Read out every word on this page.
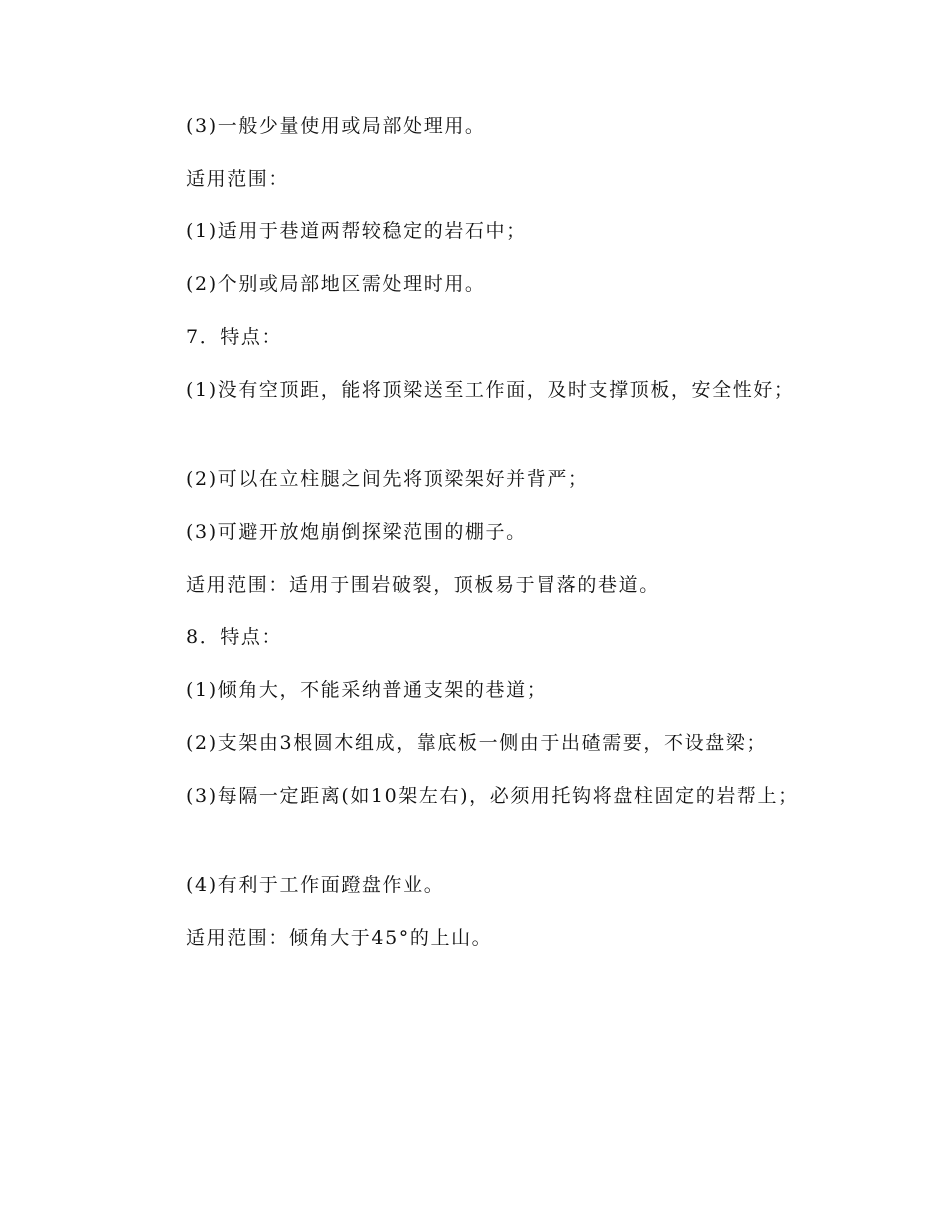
(3)一般少量使用或局部处理用。

适用范围：

(1)适用于巷道两帮较稳定的岩石中；

(2)个别或局部地区需处理时用。

7．特点：

(1)没有空顶距，能将顶梁送至工作面，及时支撑顶板，安全性好；

(2)可以在立柱腿之间先将顶梁架好并背严；

(3)可避开放炮崩倒探梁范围的棚子。

适用范围：适用于围岩破裂，顶板易于冒落的巷道。

8．特点：

(1)倾角大，不能采纳普通支架的巷道；

(2)支架由3根圆木组成，靠底板一侧由于出碴需要，不设盘梁；

(3)每隔一定距离(如10架左右)，必须用托钩将盘柱固定的岩帮上；

(4)有利于工作面蹬盘作业。

适用范围：倾角大于45°的上山。
